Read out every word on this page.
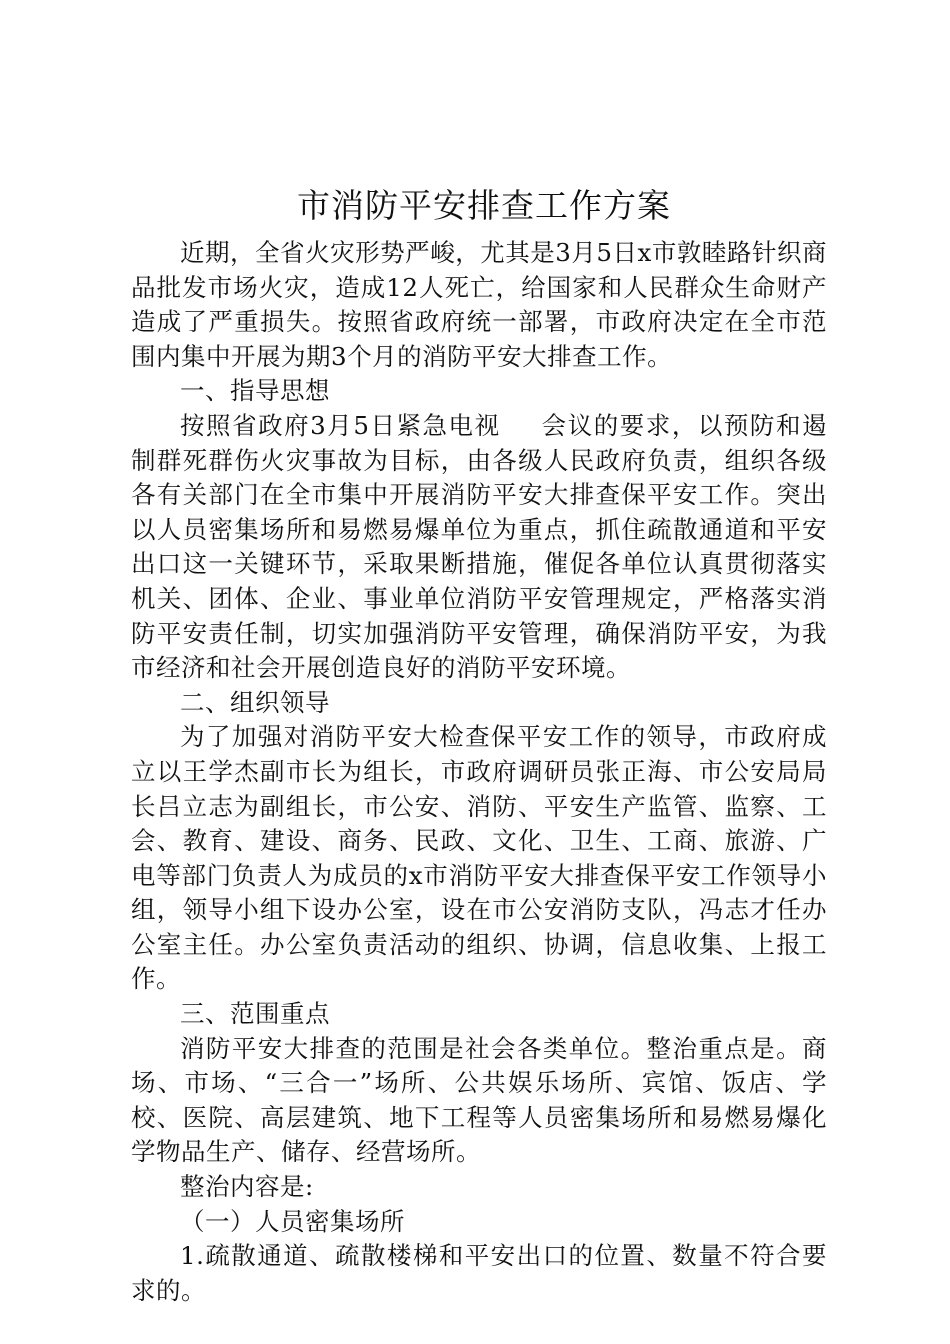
市消防平安排查工作方案

近期，全省火灾形势严峻，尤其是3月5日x市敦睦路针织商品批发市场火灾，造成12人死亡，给国家和人民群众生命财产造成了严重损失。按照省政府统一部署，市政府决定在全市范围内集中开展为期3个月的消防平安大排查工作。

一、指导思想

按照省政府3月5日紧急电视 会议的要求，以预防和遏制群死群伤火灾事故为目标，由各级人民政府负责，组织各级各有关部门在全市集中开展消防平安大排查保平安工作。突出以人员密集场所和易燃易爆单位为重点，抓住疏散通道和平安出口这一关键环节，采取果断措施，催促各单位认真贯彻落实机关、团体、企业、事业单位消防平安管理规定，严格落实消防平安责任制，切实加强消防平安管理，确保消防平安，为我市经济和社会开展创造良好的消防平安环境。

二、组织领导

为了加强对消防平安大检查保平安工作的领导，市政府成立以王学杰副市长为组长，市政府调研员张正海、市公安局局长吕立志为副组长，市公安、消防、平安生产监管、监察、工会、教育、建设、商务、民政、文化、卫生、工商、旅游、广电等部门负责人为成员的x市消防平安大排查保平安工作领导小组，领导小组下设办公室，设在市公安消防支队，冯志才任办公室主任。办公室负责活动的组织、协调，信息收集、上报工作。

三、范围重点

消防平安大排查的范围是社会各类单位。整治重点是。商场、市场、“三合一”场所、公共娱乐场所、宾馆、饭店、学校、医院、高层建筑、地下工程等人员密集场所和易燃易爆化学物品生产、储存、经营场所。

整治内容是:

（一）人员密集场所

1.疏散通道、疏散楼梯和平安出口的位置、数量不符合要求的。
